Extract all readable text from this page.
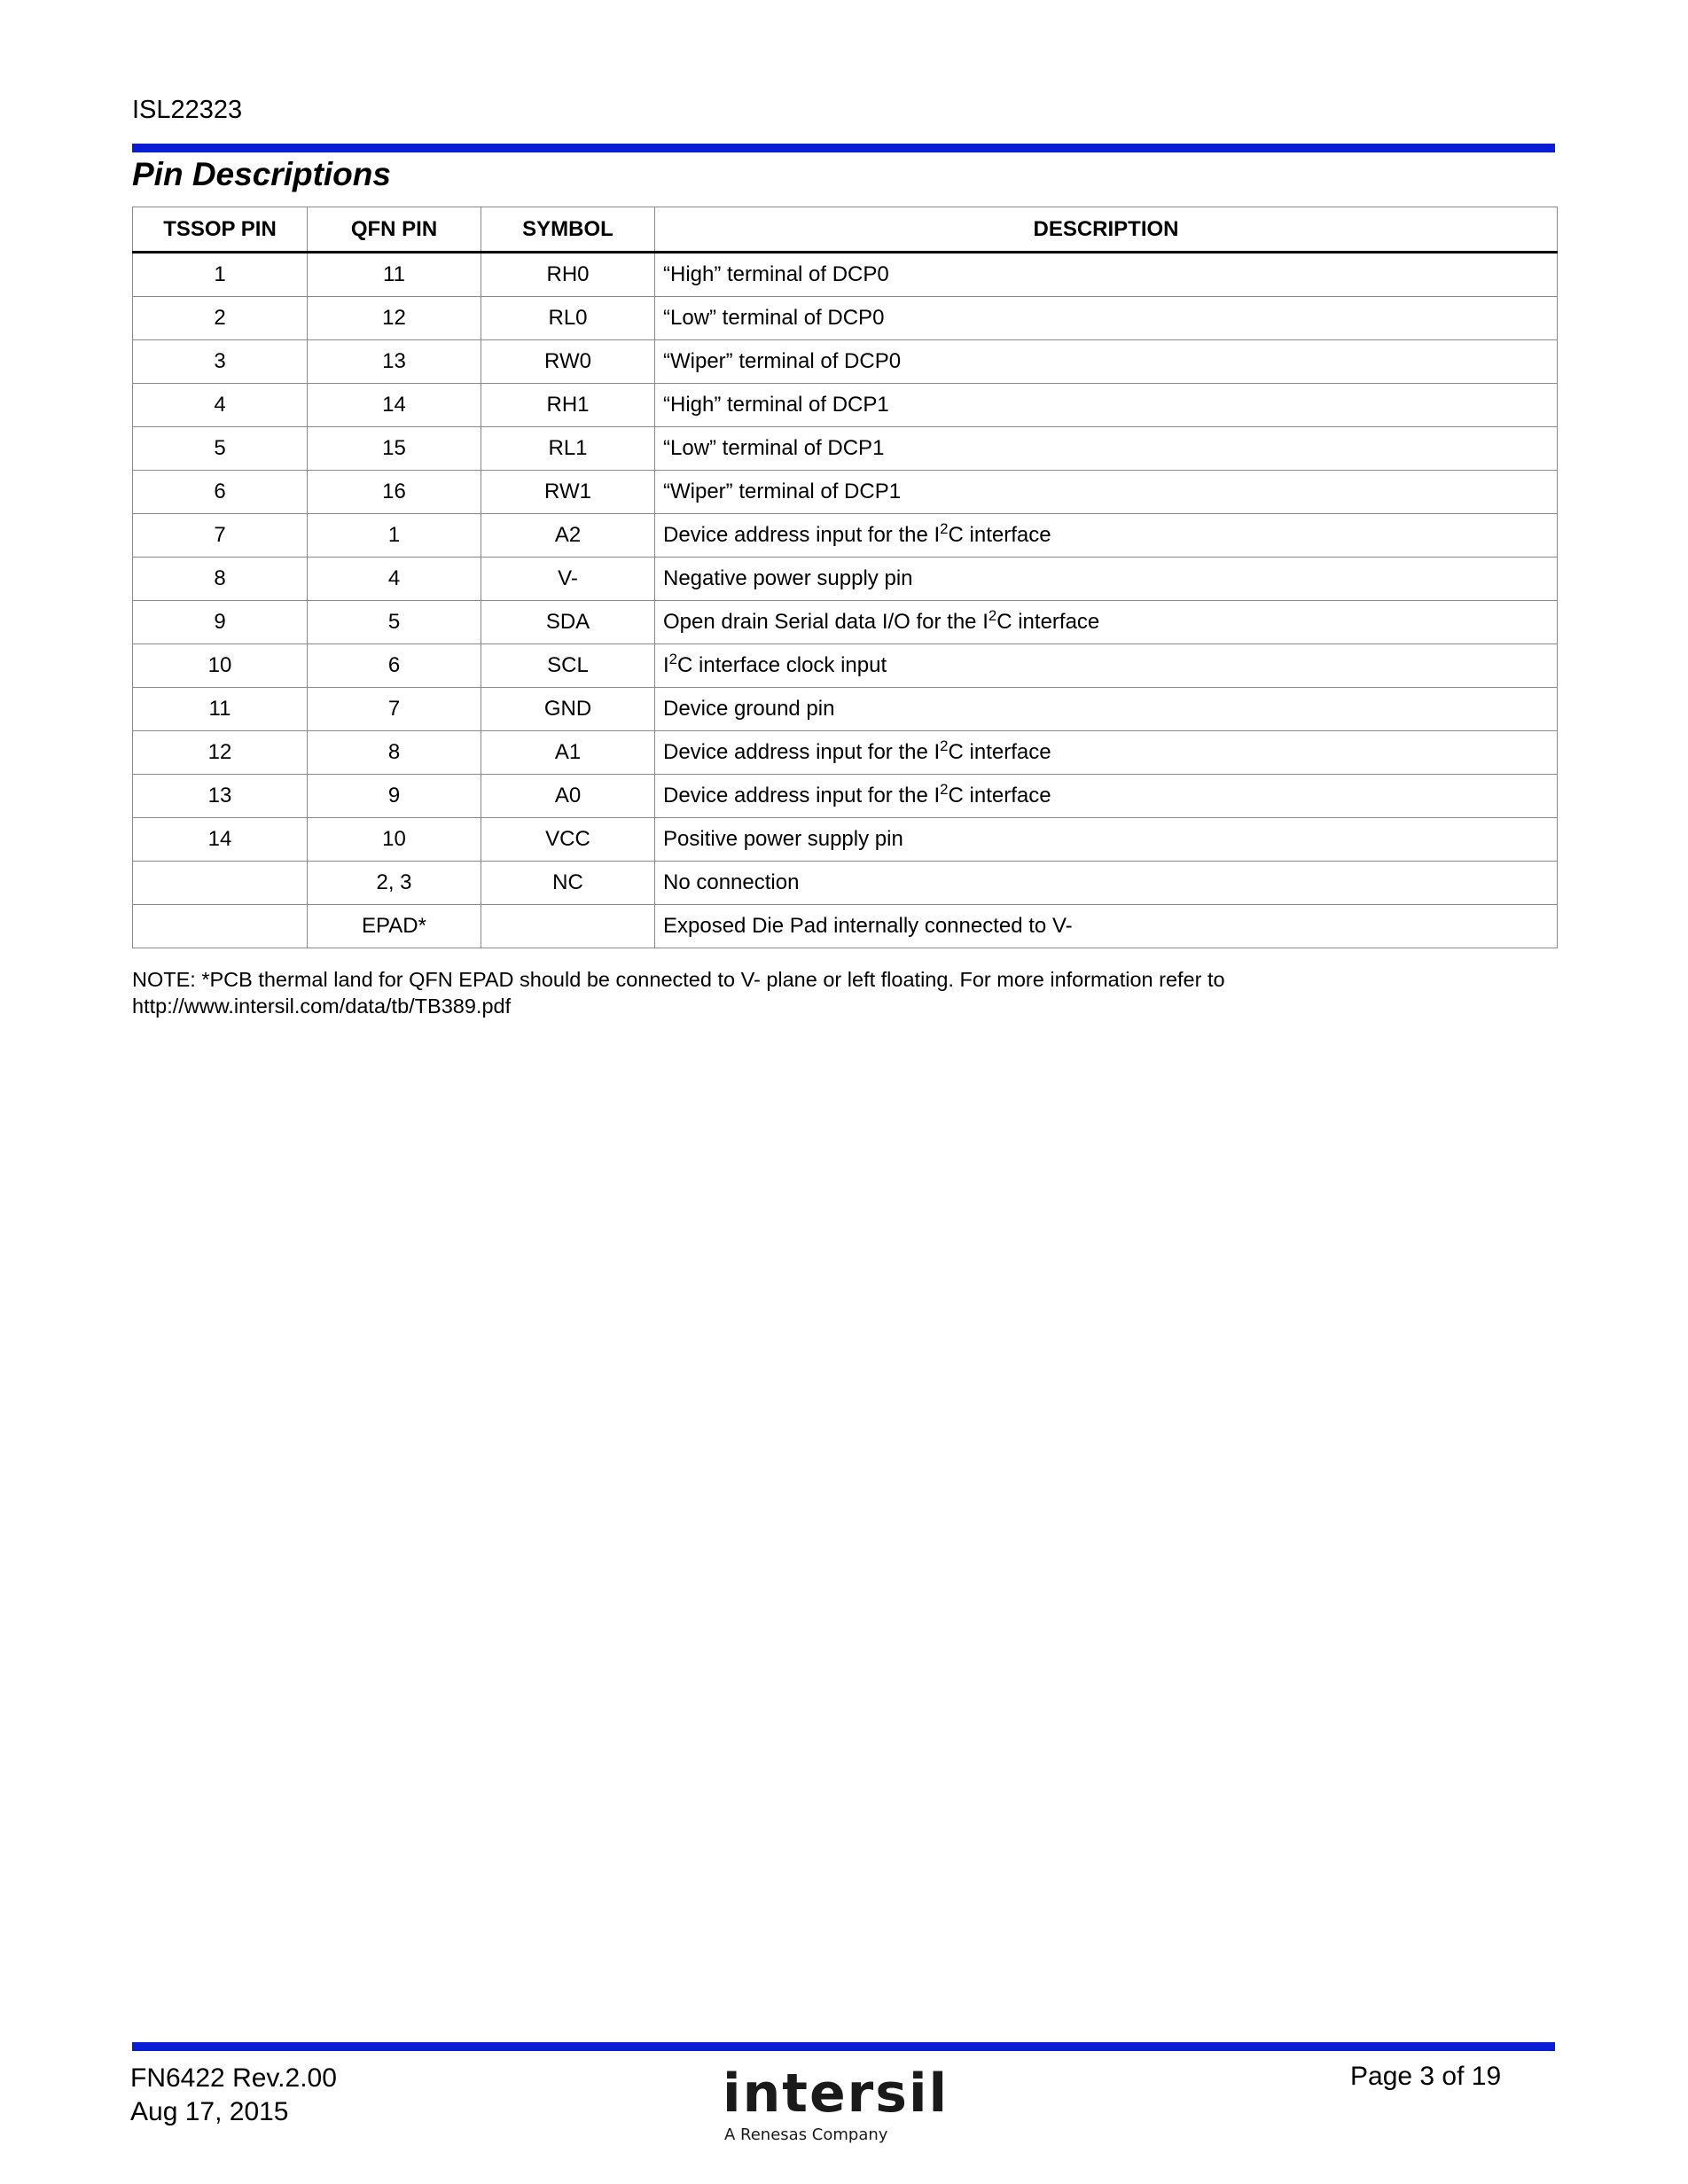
ISL22323
Pin Descriptions
TSSOP PIN	QFN PIN	SYMBOL	DESCRIPTION
1	11	RH0	“High” terminal of DCP0
2	12	RL0	“Low” terminal of DCP0
3	13	RW0	“Wiper” terminal of DCP0
4	14	RH1	“High” terminal of DCP1
5	15	RL1	“Low” terminal of DCP1
6	16	RW1	“Wiper” terminal of DCP1
7	1	A2	Device address input for the $I^2C$ interface
8	4	V-	Negative power supply pin
9	5	SDA	Open drain Serial data I/O for the $I^2C$ interface
10	6	SCL	$I^2C$ interface clock input
11	7	GND	Device ground pin
12	8	A1	Device address input for the $I^2C$ interface
13	9	A0	Device address input for the $I^2C$ interface
14	10	VCC	Positive power supply pin
	2, 3	NC	No connection
	EPAD*		Exposed Die Pad internally connected to V-
NOTE: *PCB thermal land for QFN EPAD should be connected to V- plane or left floating. For more information refer to
http://www.intersil.com/data/tb/TB389.pdf
FN6422 Rev.2.00
Aug 17, 2015
Page 3 of 19
intersil
A Renesas Company
